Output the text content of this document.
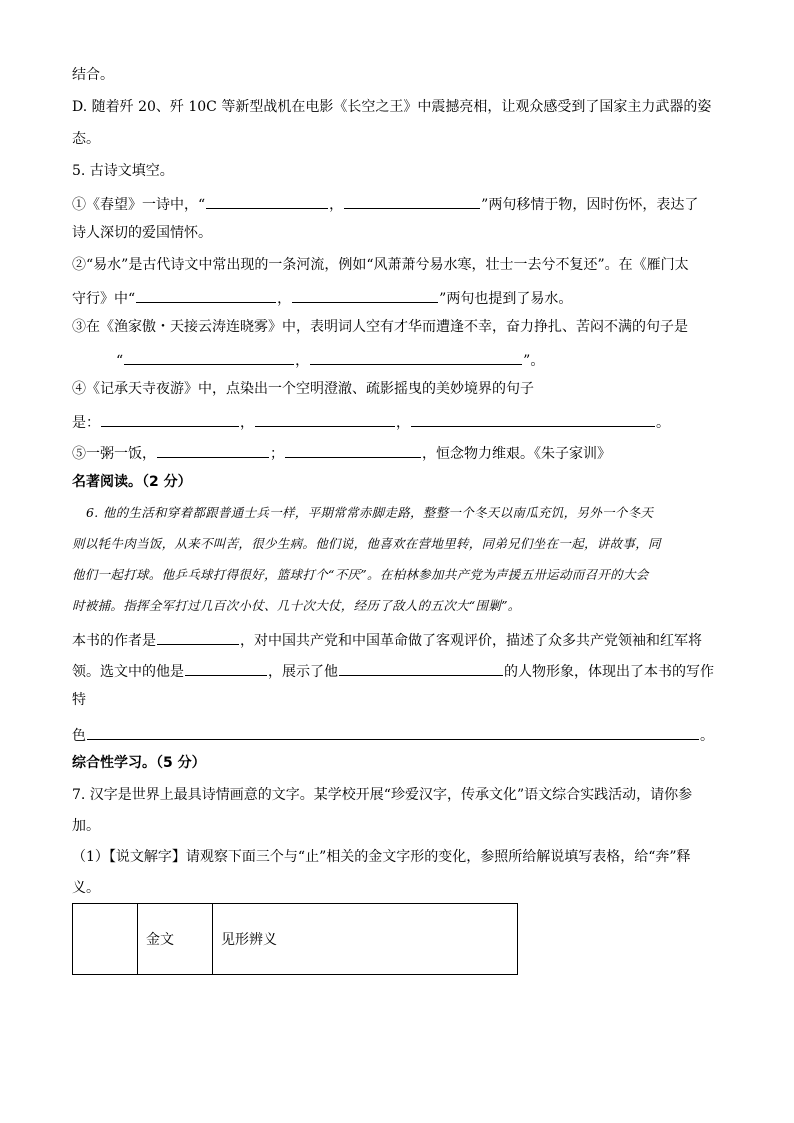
结合。
D. 随着歼 20、歼 10C 等新型战机在电影《长空之王》中震撼亮相，让观众感受到了国家主力武器的姿
态。
5. 古诗文填空。
①《春望》一诗中，“	，	”两句移情于物，因时伤怀，表达了
诗人深切的爱国情怀。
②“易水”是古代诗文中常出现的一条河流，例如“风萧萧兮易水寒，壮士一去兮不复还”。在《雁门太
守行》中“	，	”两句也提到了易水。
③在《渔家傲・天接云涛连晓雾》中，表明词人空有才华而遭逢不幸，奋力挣扎、苦闷不满的句子是
“	，	”。
④《记承天寺夜游》中，点染出一个空明澄澈、疏影摇曳的美妙境界的句子
是：	，	，	。
⑤一粥一饭，	；	，恒念物力维艰。《朱子家训》
名著阅读。（2 分）
6. 他的生活和穿着都跟普通士兵一样，平期常常赤脚走路，整整一个冬天以南瓜充饥，另外一个冬天
则以牦牛肉当饭，从来不叫苦，很少生病。他们说，他喜欢在营地里转，同弟兄们坐在一起，讲故事，同
他们一起打球。他乒乓球打得很好，篮球打个“不厌”。在柏林参加共产党为声援五卅运动而召开的大会
时被捕。指挥全军打过几百次小仗、几十次大仗，经历了敌人的五次大“围剿”。
本书的作者是	，对中国共产党和中国革命做了客观评价，描述了众多共产党领袖和红军将
领。选文中的他是	，展示了他	的人物形象，体现出了本书的写作
特
色	。
综合性学习。（5 分）
7. 汉字是世界上最具诗情画意的文字。某学校开展“珍爱汉字，传承文化”语文综合实践活动，请你参
加。
（1）【说文解字】请观察下面三个与“止”相关的金文字形的变化，参照所给解说填写表格，给“奔”释
义。
	金文	见形辨义
